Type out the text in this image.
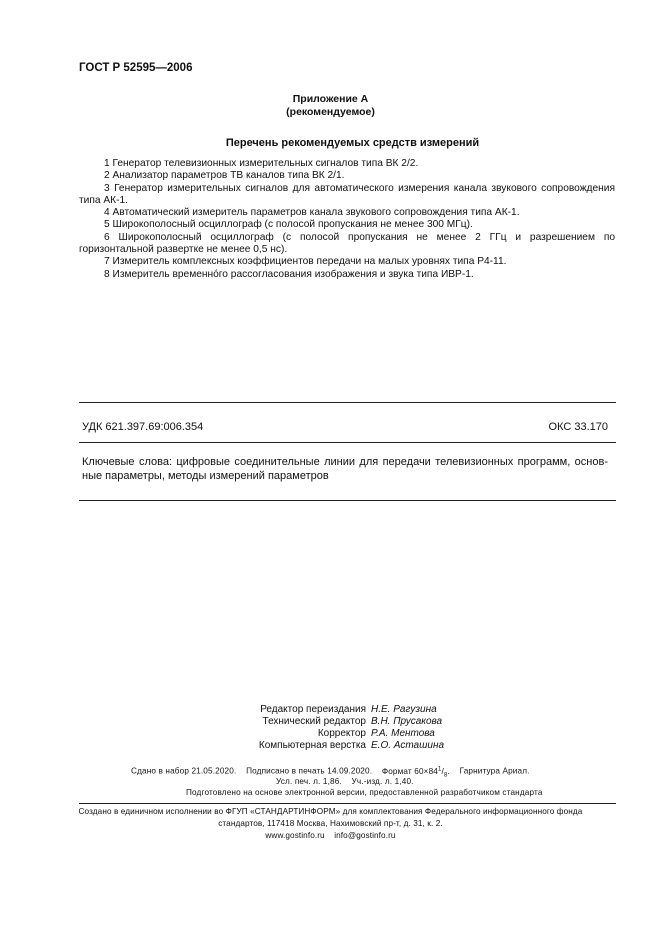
ГОСТ Р 52595—2006
Приложение А
(рекомендуемое)
Перечень рекомендуемых средств измерений
1 Генератор телевизионных измерительных сигналов типа ВК 2/2.
2 Анализатор параметров ТВ каналов типа ВК 2/1.
3 Генератор измерительных сигналов для автоматического измерения канала звукового сопровождения типа АК-1.
4 Автоматический измеритель параметров канала звукового сопровождения типа АК-1.
5 Широкополосный осциллограф (с полосой пропускания не менее 300 МГц).
6 Широкополосный осциллограф (с полосой пропускания не менее 2 ГГц и разрешением по горизонтальной развертке не менее 0,5 нс).
7 Измеритель комплексных коэффициентов передачи на малых уровнях типа Р4-11.
8 Измеритель временнóго рассогласования изображения и звука типа ИВР-1.
УДК 621.397.69:006.354	ОКС 33.170
Ключевые слова: цифровые соединительные линии для передачи телевизионных программ, основ-ные параметры, методы измерений параметров
Редактор переиздания Н.Е. Рагузина
Технический редактор В.Н. Прусакова
Корректор Р.А. Ментова
Компьютерная верстка Е.О. Асташина
Сдано в набор 21.05.2020. Подписано в печать 14.09.2020. Формат $60\times 84^1/_8$. Гарнитура Ариал.
Усл. печ. л. 1,86. Уч.-изд. л. 1,40.
Подготовлено на основе электронной версии, предоставленной разработчиком стандарта
Создано в единичном исполнении во ФГУП «СТАНДАРТИНФОРМ» для комплектования Федерального информационного фонда
стандартов, 117418 Москва, Нахимовский пр-т, д. 31, к. 2.
www.gostinfo.ru info@gostinfo.ru
